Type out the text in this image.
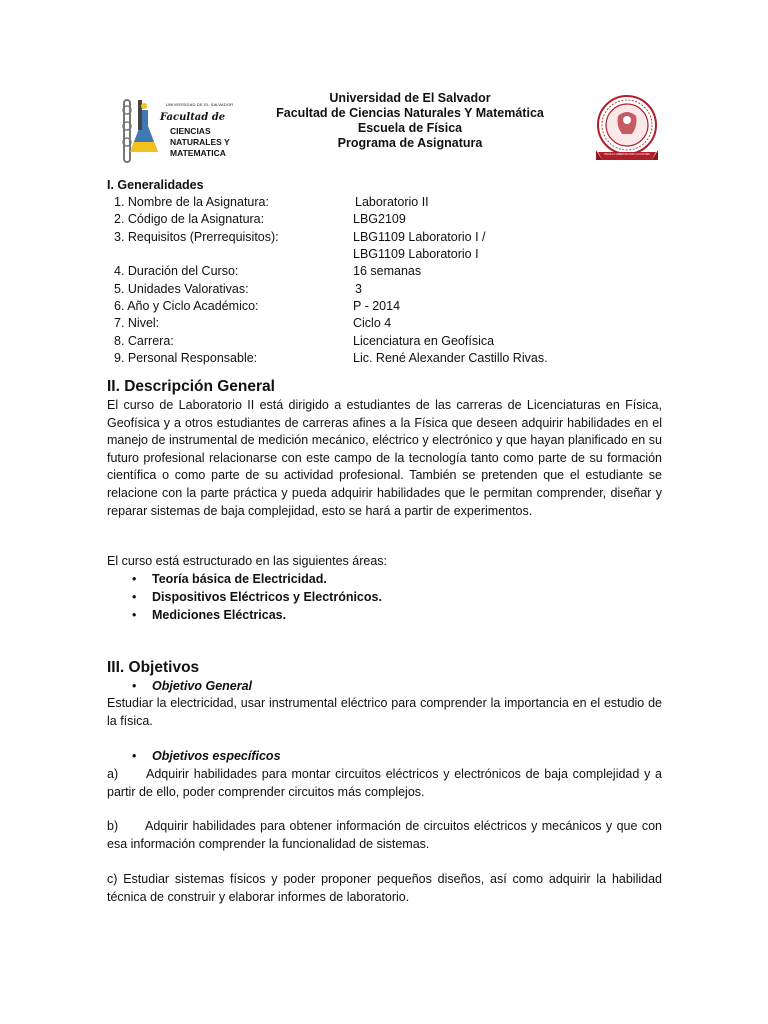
UNIVERSIDAD DE EL SALVADOR
Facultad de
CIENCIAS
NATURALES Y
MATEMATICA	HACIA LA LIBERTAD POR LA CULTURA
Universidad de El Salvador
Facultad de Ciencias Naturales Y Matemática
Escuela de Física
Programa de Asignatura
I. Generalidades
1. Nombre de la Asignatura:	Laboratorio II
2. Código de la Asignatura:	LBG2109
3. Requisitos (Prerrequisitos):	LBG1109 Laboratorio I /
LBG1109 Laboratorio I
4. Duración del Curso:	16 semanas
5. Unidades Valorativas:	3
6. Año y Ciclo Académico:	P - 2014
7. Nivel:	Ciclo 4
8. Carrera:	Licenciatura en Geofísica
9. Personal Responsable:	Lic. René Alexander Castillo Rivas.
II. Descripción General
El curso de Laboratorio II está dirigido a estudiantes de las carreras de Licenciaturas en Física, Geofísica y a otros estudiantes de carreras afines a la Física que deseen adquirir habilidades en el manejo de instrumental de medición mecánico, eléctrico y electrónico y que hayan planificado en su futuro profesional relacionarse con este campo de la tecnología tanto como parte de su formación científica o como parte de su actividad profesional. También se pretenden que el estudiante se relacione con la parte práctica y pueda adquirir habilidades que le permitan comprender, diseñar y reparar sistemas de baja complejidad, esto se hará a partir de experimentos.
El curso está estructurado en las siguientes áreas:
• Teoría básica de Electricidad.
• Dispositivos Eléctricos y Electrónicos.
• Mediciones Eléctricas.
III. Objetivos
• Objetivo General
Estudiar la electricidad, usar instrumental eléctrico para comprender la importancia en el estudio de la física.
• Objetivos específicos
a)	Adquirir habilidades para montar circuitos eléctricos y electrónicos de baja complejidad y a partir de ello, poder comprender circuitos más complejos.
b)	Adquirir habilidades para obtener información de circuitos eléctricos y mecánicos y que con esa información comprender la funcionalidad de sistemas.
c) Estudiar sistemas físicos y poder proponer pequeños diseños, así como adquirir la habilidad técnica de construir y elaborar informes de laboratorio.
